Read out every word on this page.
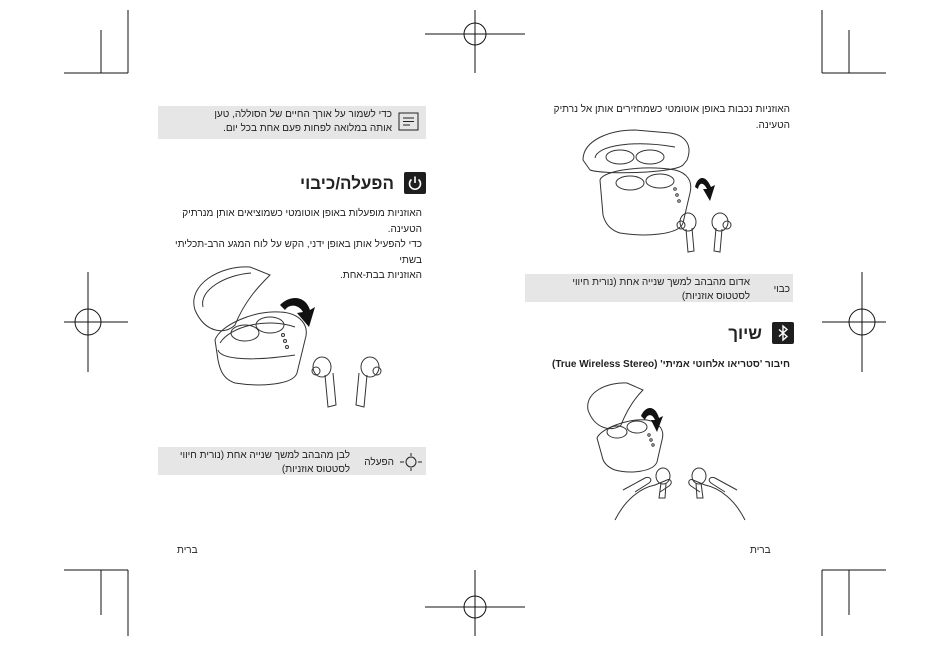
כדי לשמור על אורך החיים של הסוללה, טען אותה במלואה לפחות פעם אחת בכל יום.
הפעלה/כיבוי
האוזניות מופעלות באופן אוטומטי כשמוציאים אותן מנרתיק הטעינה.
כדי להפעיל אותן באופן ידני, הקש על לוח המגע הרב-תכליתי בשתי
האוזניות בבת-אחת.
הפעלה
לבן מהבהב למשך שנייה אחת (נורית חיווי לסטטוס אוזניות)
ברית
האוזניות נכבות באופן אוטומטי כשמחזירים אותן אל נרתיק הטעינה.
כבוי
אדום מהבהב למשך שנייה אחת (נורית חיווי לסטטוס אוזניות)
שיוך
חיבור 'סטריאו אלחוטי אמיתי' (True Wireless Stereo)
ברית
